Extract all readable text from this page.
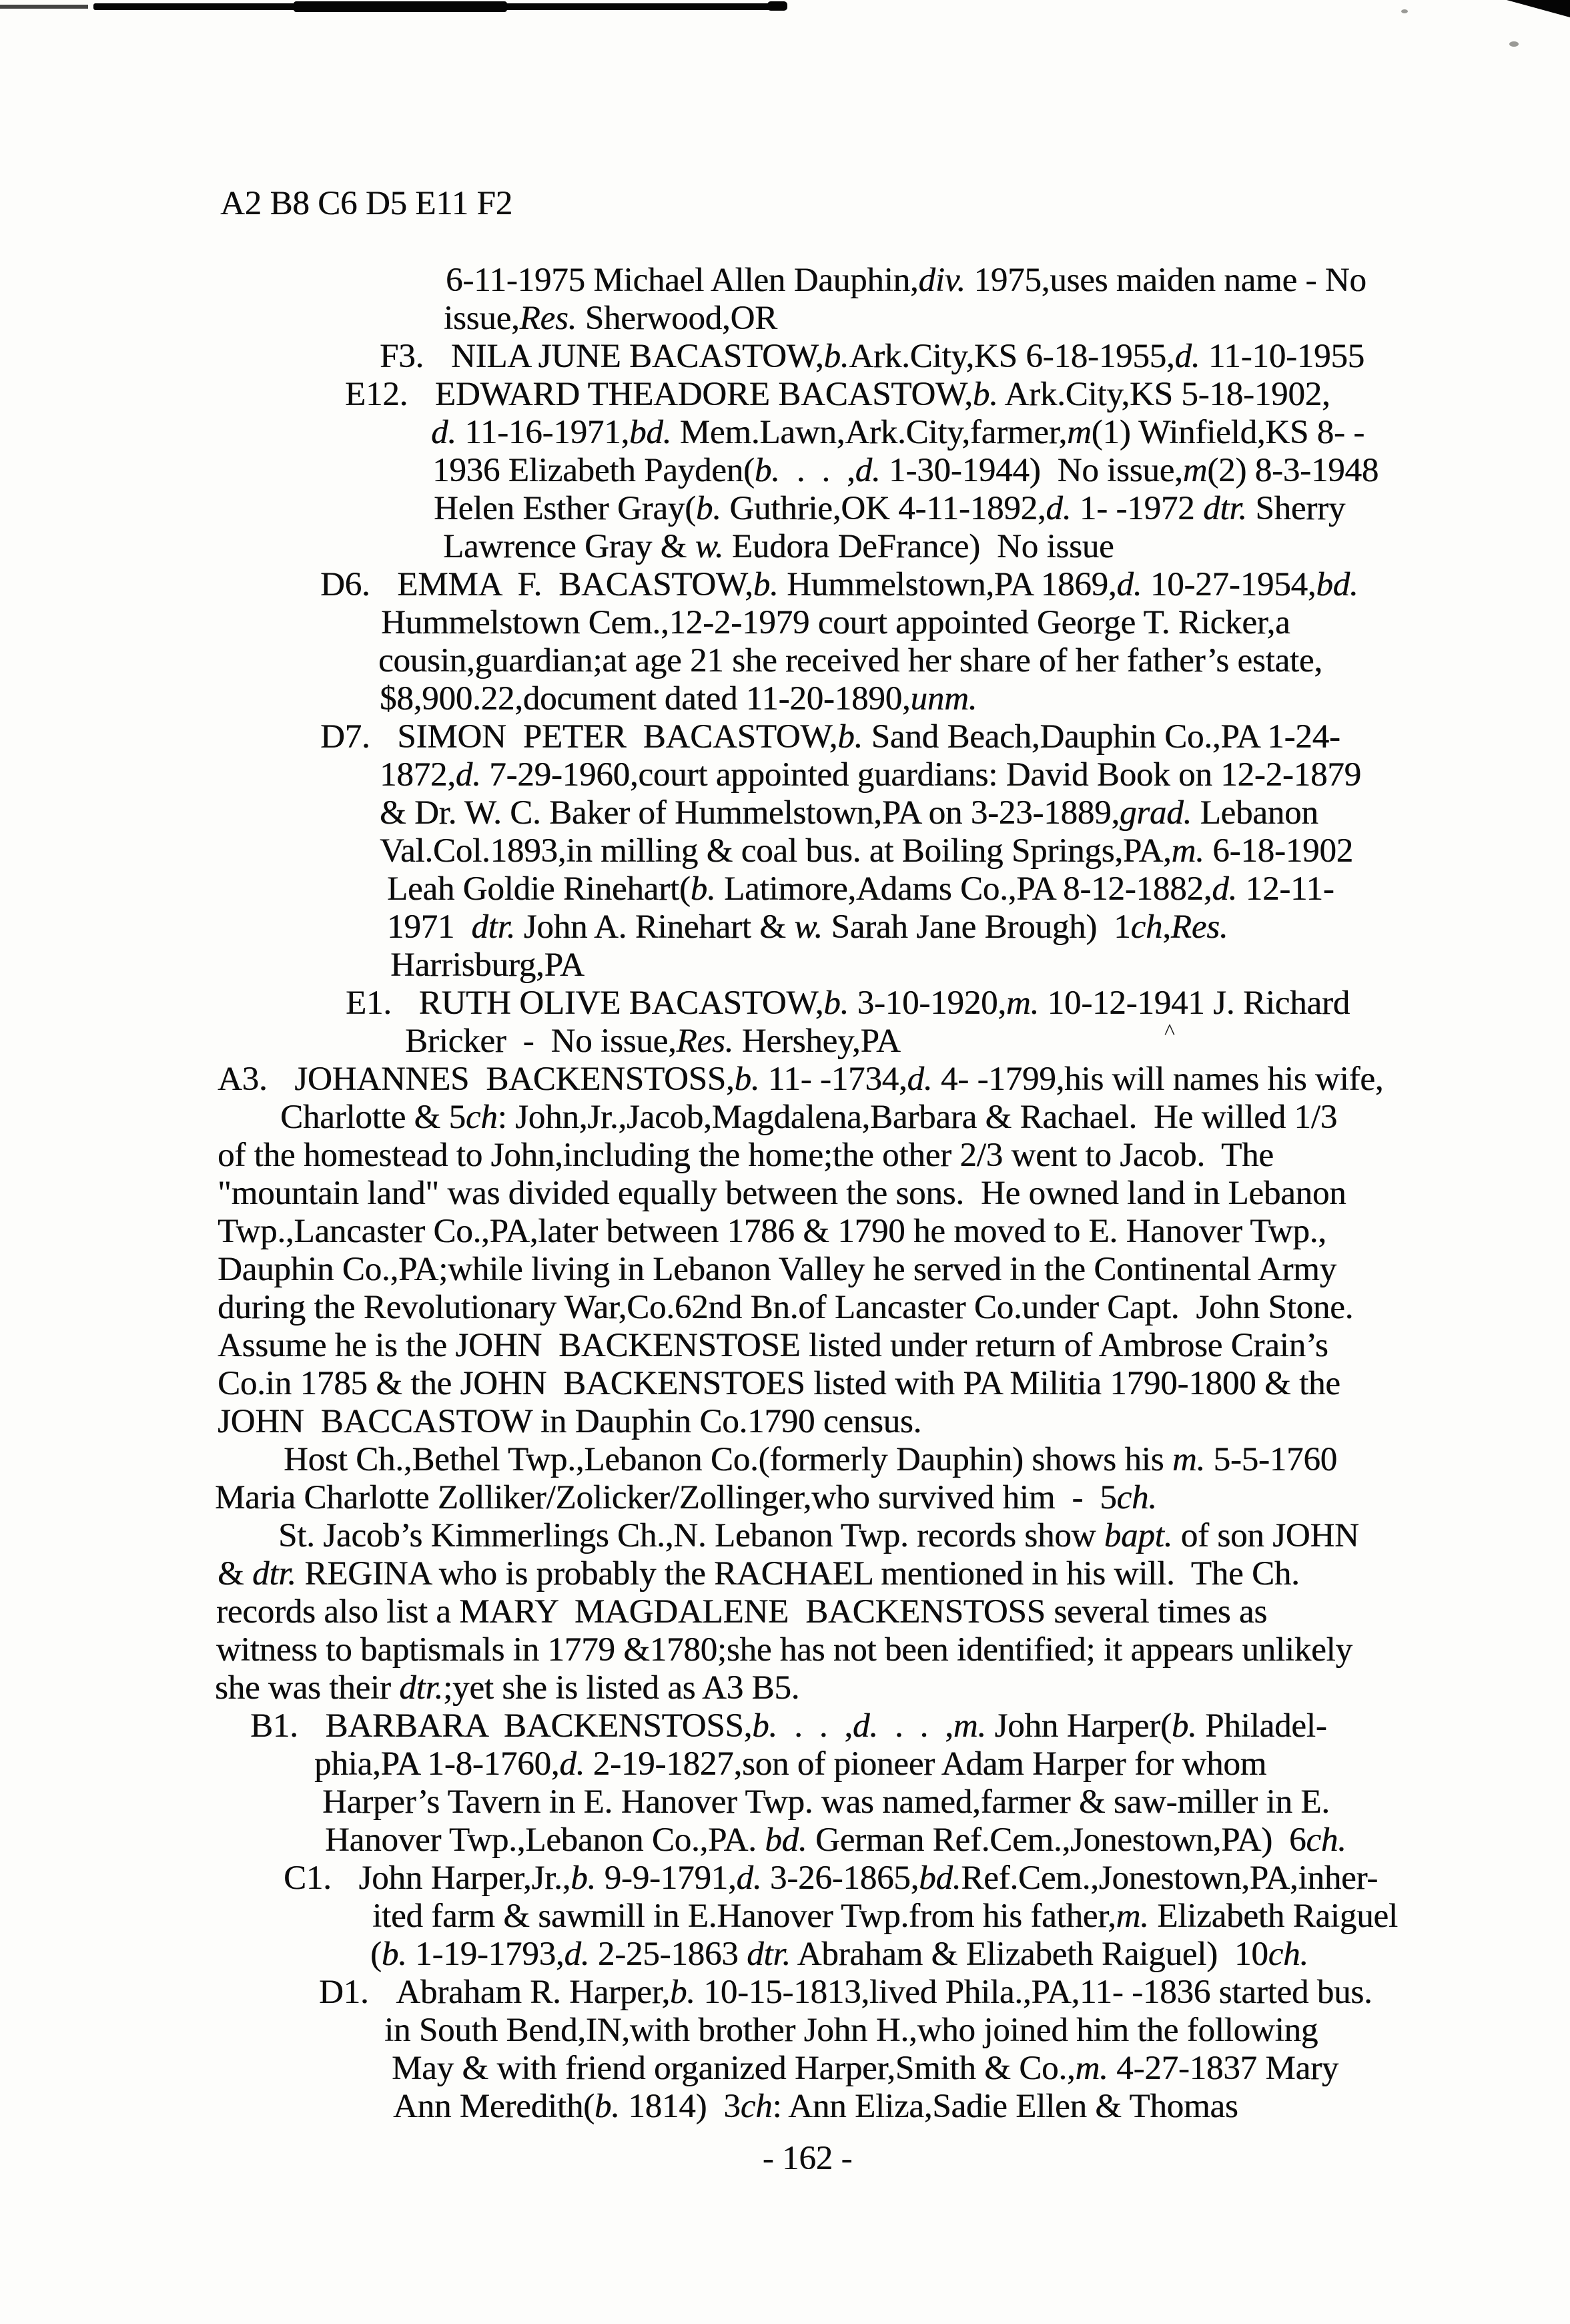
^
A2 B8 C6 D5 E11 F2
6-11-1975 Michael Allen Dauphin,div. 1975,uses maiden name - No
issue,Res. Sherwood,OR
F3. NILA JUNE BACASTOW,b.Ark.City,KS 6-18-1955,d. 11-10-1955
E12. EDWARD THEADORE BACASTOW,b. Ark.City,KS 5-18-1902,
d. 11-16-1971,bd. Mem.Lawn,Ark.City,farmer,m(1) Winfield,KS 8- -
1936 Elizabeth Payden(b.  .  .  ,d. 1-30-1944)  No issue,m(2) 8-3-1948
Helen Esther Gray(b. Guthrie,OK 4-11-1892,d. 1- -1972 dtr. Sherry
Lawrence Gray & w. Eudora DeFrance)  No issue
D6. EMMA  F.  BACASTOW,b. Hummelstown,PA 1869,d. 10-27-1954,bd.
Hummelstown Cem.,12-2-1979 court appointed George T. Ricker,a
cousin,guardian;at age 21 she received her share of her father’s estate,
$8,900.22,document dated 11-20-1890,unm.
D7. SIMON  PETER  BACASTOW,b. Sand Beach,Dauphin Co.,PA 1-24-
1872,d. 7-29-1960,court appointed guardians: David Book on 12-2-1879
& Dr. W. C. Baker of Hummelstown,PA on 3-23-1889,grad. Lebanon
Val.Col.1893,in milling & coal bus. at Boiling Springs,PA,m. 6-18-1902
Leah Goldie Rinehart(b. Latimore,Adams Co.,PA 8-12-1882,d. 12-11-
1971  dtr. John A. Rinehart & w. Sarah Jane Brough)  1ch,Res.
Harrisburg,PA
E1. RUTH OLIVE BACASTOW,b. 3-10-1920,m. 10-12-1941 J. Richard
Bricker  -  No issue,Res. Hershey,PA
A3. JOHANNES  BACKENSTOSS,b. 11- -1734,d. 4- -1799,his will names his wife,
Charlotte & 5ch: John,Jr.,Jacob,Magdalena,Barbara & Rachael.  He willed 1/3
of the homestead to John,including the home;the other 2/3 went to Jacob.  The
"mountain land" was divided equally between the sons.  He owned land in Lebanon
Twp.,Lancaster Co.,PA,later between 1786 & 1790 he moved to E. Hanover Twp.,
Dauphin Co.,PA;while living in Lebanon Valley he served in the Continental Army
during the Revolutionary War,Co.62nd Bn.of Lancaster Co.under Capt.  John Stone.
Assume he is the JOHN  BACKENSTOSE listed under return of Ambrose Crain’s
Co.in 1785 & the JOHN  BACKENSTOES listed with PA Militia 1790-1800 & the
JOHN  BACCASTOW in Dauphin Co.1790 census.
Host Ch.,Bethel Twp.,Lebanon Co.(formerly Dauphin) shows his m. 5-5-1760
Maria Charlotte Zolliker/Zolicker/Zollinger,who survived him  -  5ch.
St. Jacob’s Kimmerlings Ch.,N. Lebanon Twp. records show bapt. of son JOHN
& dtr. REGINA who is probably the RACHAEL mentioned in his will.  The Ch.
records also list a MARY  MAGDALENE  BACKENSTOSS several times as
witness to baptismals in 1779 &1780;she has not been identified; it appears unlikely
she was their dtr.;yet she is listed as A3 B5.
B1. BARBARA  BACKENSTOSS,b.  .  .  ,d.  .  .  ,m. John Harper(b. Philadel-
phia,PA 1-8-1760,d. 2-19-1827,son of pioneer Adam Harper for whom
Harper’s Tavern in E. Hanover Twp. was named,farmer & saw-miller in E.
Hanover Twp.,Lebanon Co.,PA. bd. German Ref.Cem.,Jonestown,PA)  6ch.
C1. John Harper,Jr.,b. 9-9-1791,d. 3-26-1865,bd.Ref.Cem.,Jonestown,PA,inher-
ited farm & sawmill in E.Hanover Twp.from his father,m. Elizabeth Raiguel
(b. 1-19-1793,d. 2-25-1863 dtr. Abraham & Elizabeth Raiguel)  10ch.
D1. Abraham R. Harper,b. 10-15-1813,lived Phila.,PA,11- -1836 started bus.
in South Bend,IN,with brother John H.,who joined him the following
May & with friend organized Harper,Smith & Co.,m. 4-27-1837 Mary
Ann Meredith(b. 1814)  3ch: Ann Eliza,Sadie Ellen & Thomas
- 162 -
